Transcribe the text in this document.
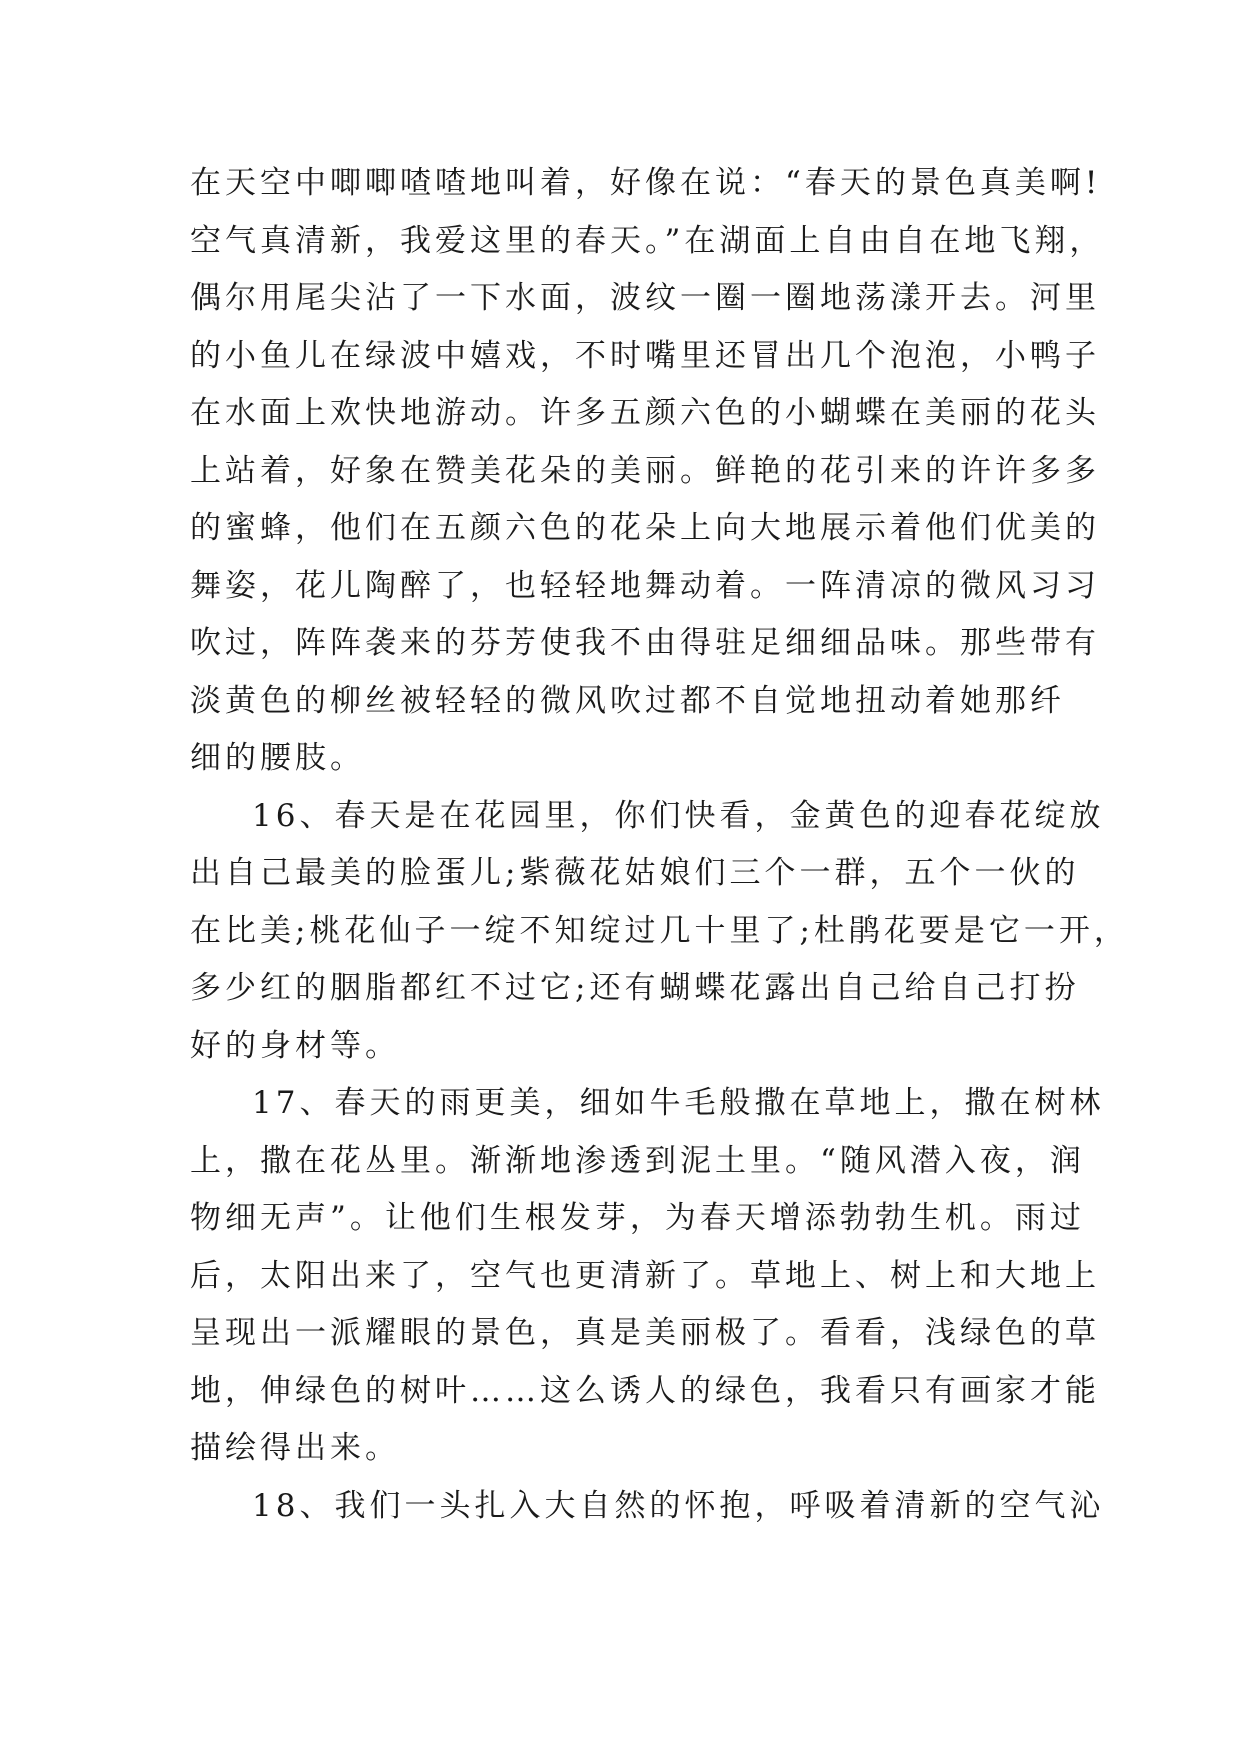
在天空中唧唧喳喳地叫着，好像在说：“春天的景色真美啊!
空气真清新，我爱这里的春天。”在湖面上自由自在地飞翔，
偶尔用尾尖沾了一下水面，波纹一圈一圈地荡漾开去。河里
的小鱼儿在绿波中嬉戏，不时嘴里还冒出几个泡泡，小鸭子
在水面上欢快地游动。许多五颜六色的小蝴蝶在美丽的花头
上站着，好象在赞美花朵的美丽。鲜艳的花引来的许许多多
的蜜蜂，他们在五颜六色的花朵上向大地展示着他们优美的
舞姿，花儿陶醉了，也轻轻地舞动着。一阵清凉的微风习习
吹过，阵阵袭来的芬芳使我不由得驻足细细品味。那些带有
淡黄色的柳丝被轻轻的微风吹过都不自觉地扭动着她那纤
细的腰肢。
16、春天是在花园里，你们快看，金黄色的迎春花绽放
出自己最美的脸蛋儿;紫薇花姑娘们三个一群，五个一伙的
在比美;桃花仙子一绽不知绽过几十里了;杜鹃花要是它一开，
多少红的胭脂都红不过它;还有蝴蝶花露出自己给自己打扮
好的身材等。
17、春天的雨更美，细如牛毛般撒在草地上，撒在树林
上，撒在花丛里。渐渐地渗透到泥土里。“随风潜入夜，润
物细无声”。让他们生根发芽，为春天增添勃勃生机。雨过
后，太阳出来了，空气也更清新了。草地上、树上和大地上
呈现出一派耀眼的景色，真是美丽极了。看看，浅绿色的草
地，伸绿色的树叶……这么诱人的绿色，我看只有画家才能
描绘得出来。
18、我们一头扎入大自然的怀抱，呼吸着清新的空气沁
